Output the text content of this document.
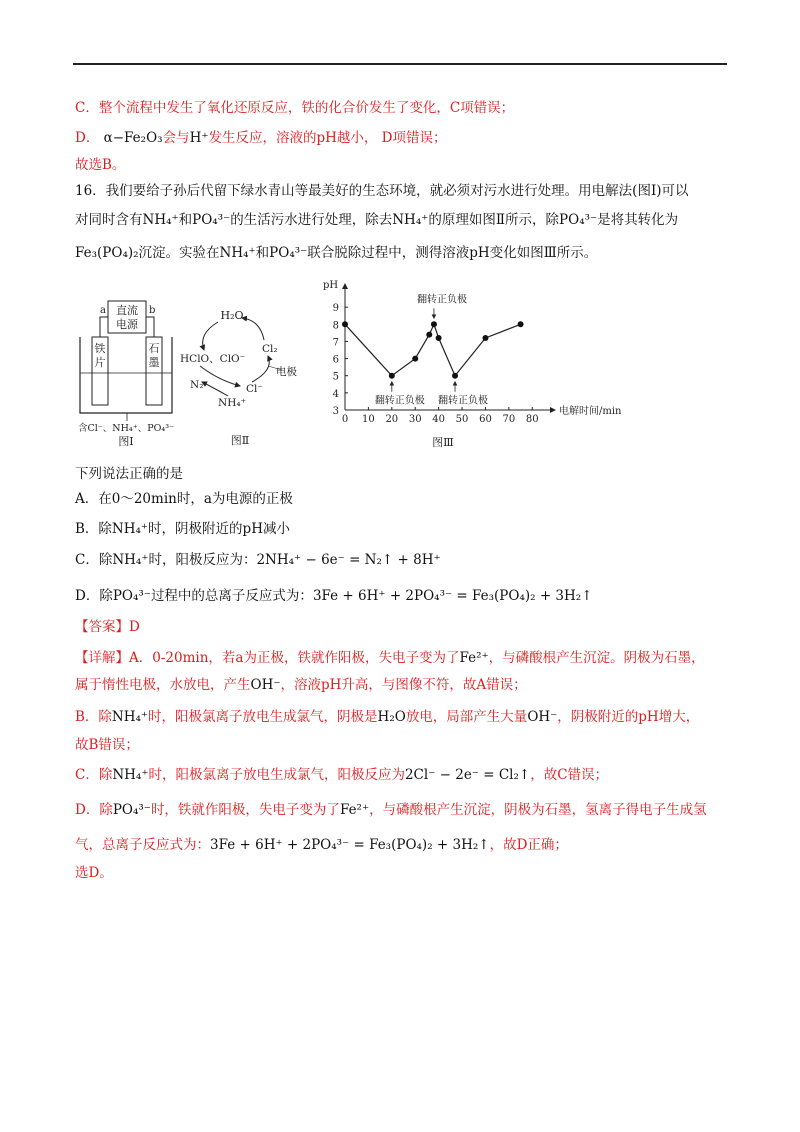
C．整个流程中发生了氧化还原反应，铁的化合价发生了变化，C项错误；
D． α−Fe₂O₃会与H⁺发生反应，溶液的pH越小， D项错误；
故选B。
16．我们要给子孙后代留下绿水青山等最美好的生态环境，就必须对污水进行处理。用电解法(图Ⅰ)可以
对同时含有NH₄⁺和PO₄³⁻的生活污水进行处理，除去NH₄⁺的原理如图Ⅱ所示，除PO₄³⁻是将其转化为
Fe₃(PO₄)₂沉淀。实验在NH₄⁺和PO₄³⁻联合脱除过程中，测得溶液pH变化如图Ⅲ所示。
直流
电源
a	b
铁
片
石
墨
含Cl⁻、NH₄⁺、PO₄³⁻
图Ⅰ
H₂O
HClO、ClO⁻
Cl₂
电极
N₂	Cl⁻
NH₄⁺
图Ⅱ
pH
电解时间/min
0 10 20 30 40 50 60 70 80
3
4
5
6
7
8
9
翻转正负极
翻转正负极
翻转正负极
图Ⅲ
下列说法正确的是
A．在0～20min时，a为电源的正极
B．除NH₄⁺时，阴极附近的pH减小
C．除NH₄⁺时，阳极反应为：2NH₄⁺ − 6e⁻ = N₂↑ + 8H⁺
D．除PO₄³⁻过程中的总离子反应式为：3Fe + 6H⁺ + 2PO₄³⁻ = Fe₃(PO₄)₂ + 3H₂↑
【答案】D
【详解】A．0-20min，若a为正极，铁就作阳极，失电子变为了Fe²⁺，与磷酸根产生沉淀。阴极为石墨，
属于惰性电极，水放电，产生OH⁻，溶液pH升高，与图像不符，故A错误；
B．除NH₄⁺时，阳极氯离子放电生成氯气，阴极是H₂O放电，局部产生大量OH⁻，阴极附近的pH增大，
故B错误；
C．除NH₄⁺时，阳极氯离子放电生成氯气，阳极反应为2Cl⁻ − 2e⁻ = Cl₂↑，故C错误；
D．除PO₄³⁻时，铁就作阳极，失电子变为了Fe²⁺，与磷酸根产生沉淀，阴极为石墨，氢离子得电子生成氢
气，总离子反应式为：3Fe + 6H⁺ + 2PO₄³⁻ = Fe₃(PO₄)₂ + 3H₂↑，故D正确；
选D。
